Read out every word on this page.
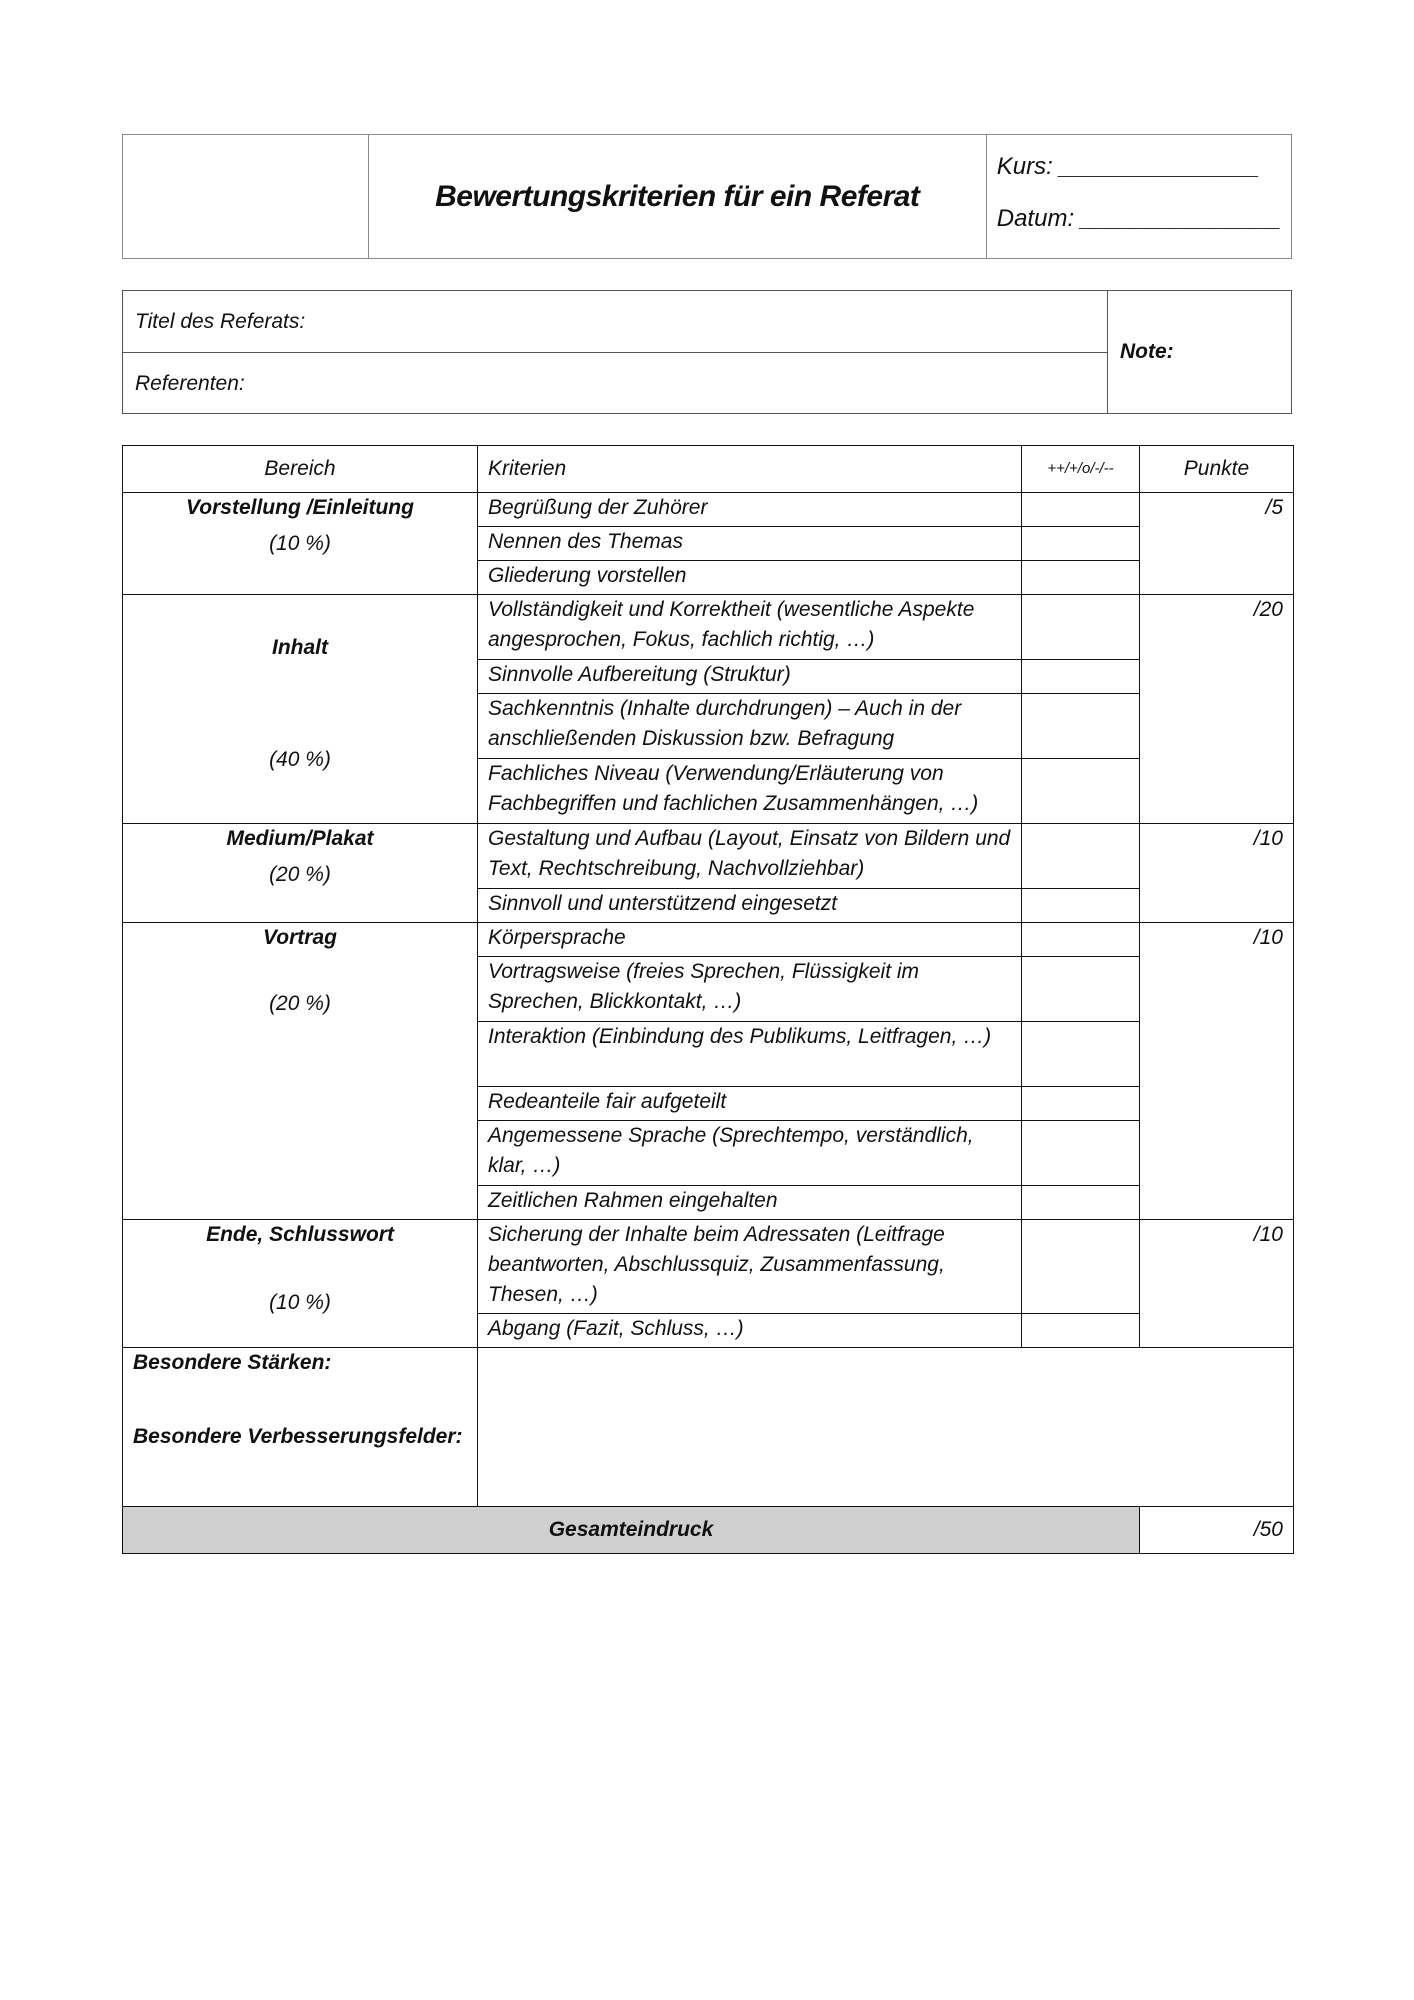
Bewertungskriterien für ein Referat
Kurs: _______________
Datum: _______________
Titel des Referats:
Referenten:
Note:
Bereich	Kriterien	++/+/o/-/--	Punkte

Vorstellung /Einleitung
(10 %)	Begrüßung der Zuhörer		/5
	Nennen des Themas		
	Gliederung vorstellen		

Inhalt
(40 %)	Vollständigkeit und Korrektheit (wesentliche Aspekte angesprochen, Fokus, fachlich richtig, …)		/20
	Sinnvolle Aufbereitung (Struktur)		
	Sachkenntnis (Inhalte durchdrungen) – Auch in der anschließenden Diskussion bzw. Befragung		
	Fachliches Niveau (Verwendung/Erläuterung von Fachbegriffen und fachlichen Zusammenhängen, …)		

Medium/Plakat
(20 %)	Gestaltung und Aufbau (Layout, Einsatz von Bildern und Text, Rechtschreibung, Nachvollziehbar)		/10
	Sinnvoll und unterstützend eingesetzt		

Vortrag
(20 %)	Körpersprache		/10
	Vortragsweise (freies Sprechen, Flüssigkeit im Sprechen, Blickkontakt, …)		
	Interaktion (Einbindung des Publikums, Leitfragen, …)		
	Redeanteile fair aufgeteilt		
	Angemessene Sprache (Sprechtempo, verständlich, klar, …)		
	Zeitlichen Rahmen eingehalten		

Ende, Schlusswort
(10 %)	Sicherung der Inhalte beim Adressaten (Leitfrage beantworten, Abschlussquiz, Zusammenfassung, Thesen, …)		/10
	Abgang (Fazit, Schluss, …)		

Besondere Stärken:
Besondere Verbesserungsfelder:			

Gesamteindruck			/50
